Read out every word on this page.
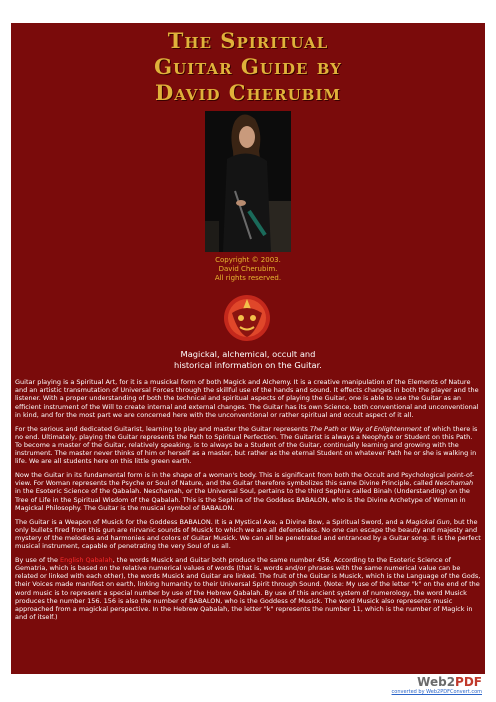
The Spiritual
Guitar Guide by
David Cherubim
Copyright © 2003.
David Cherubim.
All rights reserved.
Magickal, alchemical, occult and
historical information on the Guitar.

Guitar playing is a Spiritual Art, for it is a musickal form of both Magick and Alchemy. It is a creative manipulation of the Elements of Nature and an artistic transmutation of Universal Forces through the skillful use of the hands and sound. It effects changes in both the player and the listener. With a proper understanding of both the technical and spiritual aspects of playing the Guitar, one is able to use the Guitar as an efficient instrument of the Will to create internal and external changes. The Guitar has its own Science, both conventional and unconventional in kind, and for the most part we are concerned here with the unconventional or rather spiritual and occult aspect of it all.

For the serious and dedicated Guitarist, learning to play and master the Guitar represents The Path or Way of Enlightenment of which there is no end. Ultimately, playing the Guitar represents the Path to Spiritual Perfection. The Guitarist is always a Neophyte or Student on this Path. To become a master of the Guitar, relatively speaking, is to always be a Student of the Guitar, continually learning and growing with the instrument. The master never thinks of him or herself as a master, but rather as the eternal Student on whatever Path he or she is walking in life. We are all students here on this little green earth.

Now the Guitar in its fundamental form is in the shape of a woman's body. This is significant from both the Occult and Psychological point-of-view. For Woman represents the Psyche or Soul of Nature, and the Guitar therefore symbolizes this same Divine Principle, called Neschamah in the Esoteric Science of the Qabalah. Neschamah, or the Universal Soul, pertains to the third Sephira called Binah (Understanding) on the Tree of Life in the Spiritual Wisdom of the Qabalah. This is the Sephira of the Goddess BABALON, who is the Divine Archetype of Woman in Magickal Philosophy. The Guitar is the musical symbol of BABALON.

The Guitar is a Weapon of Musick for the Goddess BABALON. It is a Mystical Axe, a Divine Bow, a Spiritual Sword, and a Magickal Gun, but the only bullets fired from this gun are nirvanic sounds of Musick to which we are all defenseless. No one can escape the beauty and majesty and mystery of the melodies and harmonies and colors of Guitar Musick. We can all be penetrated and entranced by a Guitar song. It is the perfect musical instrument, capable of penetrating the very Soul of us all.

By use of the English Qabalah, the words Musick and Guitar both produce the same number 456. According to the Esoteric Science of Gematria, which is based on the relative numerical values of words (that is, words and/or phrases with the same numerical value can be related or linked with each other), the words Musick and Guitar are linked. The fruit of the Guitar is Musick, which is the Language of the Gods, their Voices made manifest on earth, linking humanity to their Universal Spirit through Sound. (Note: My use of the letter "k" on the end of the word music is to represent a special number by use of the Hebrew Qabalah. By use of this ancient system of numerology, the word Musick produces the number 156. 156 is also the number of BABALON, who is the Goddess of Musick. The word Musick also represents music approached from a magickal perspective. In the Hebrew Qabalah, the letter "k" represents the number 11, which is the number of Magick in and of itself.)

Web2PDF
converted by Web2PDFConvert.com
